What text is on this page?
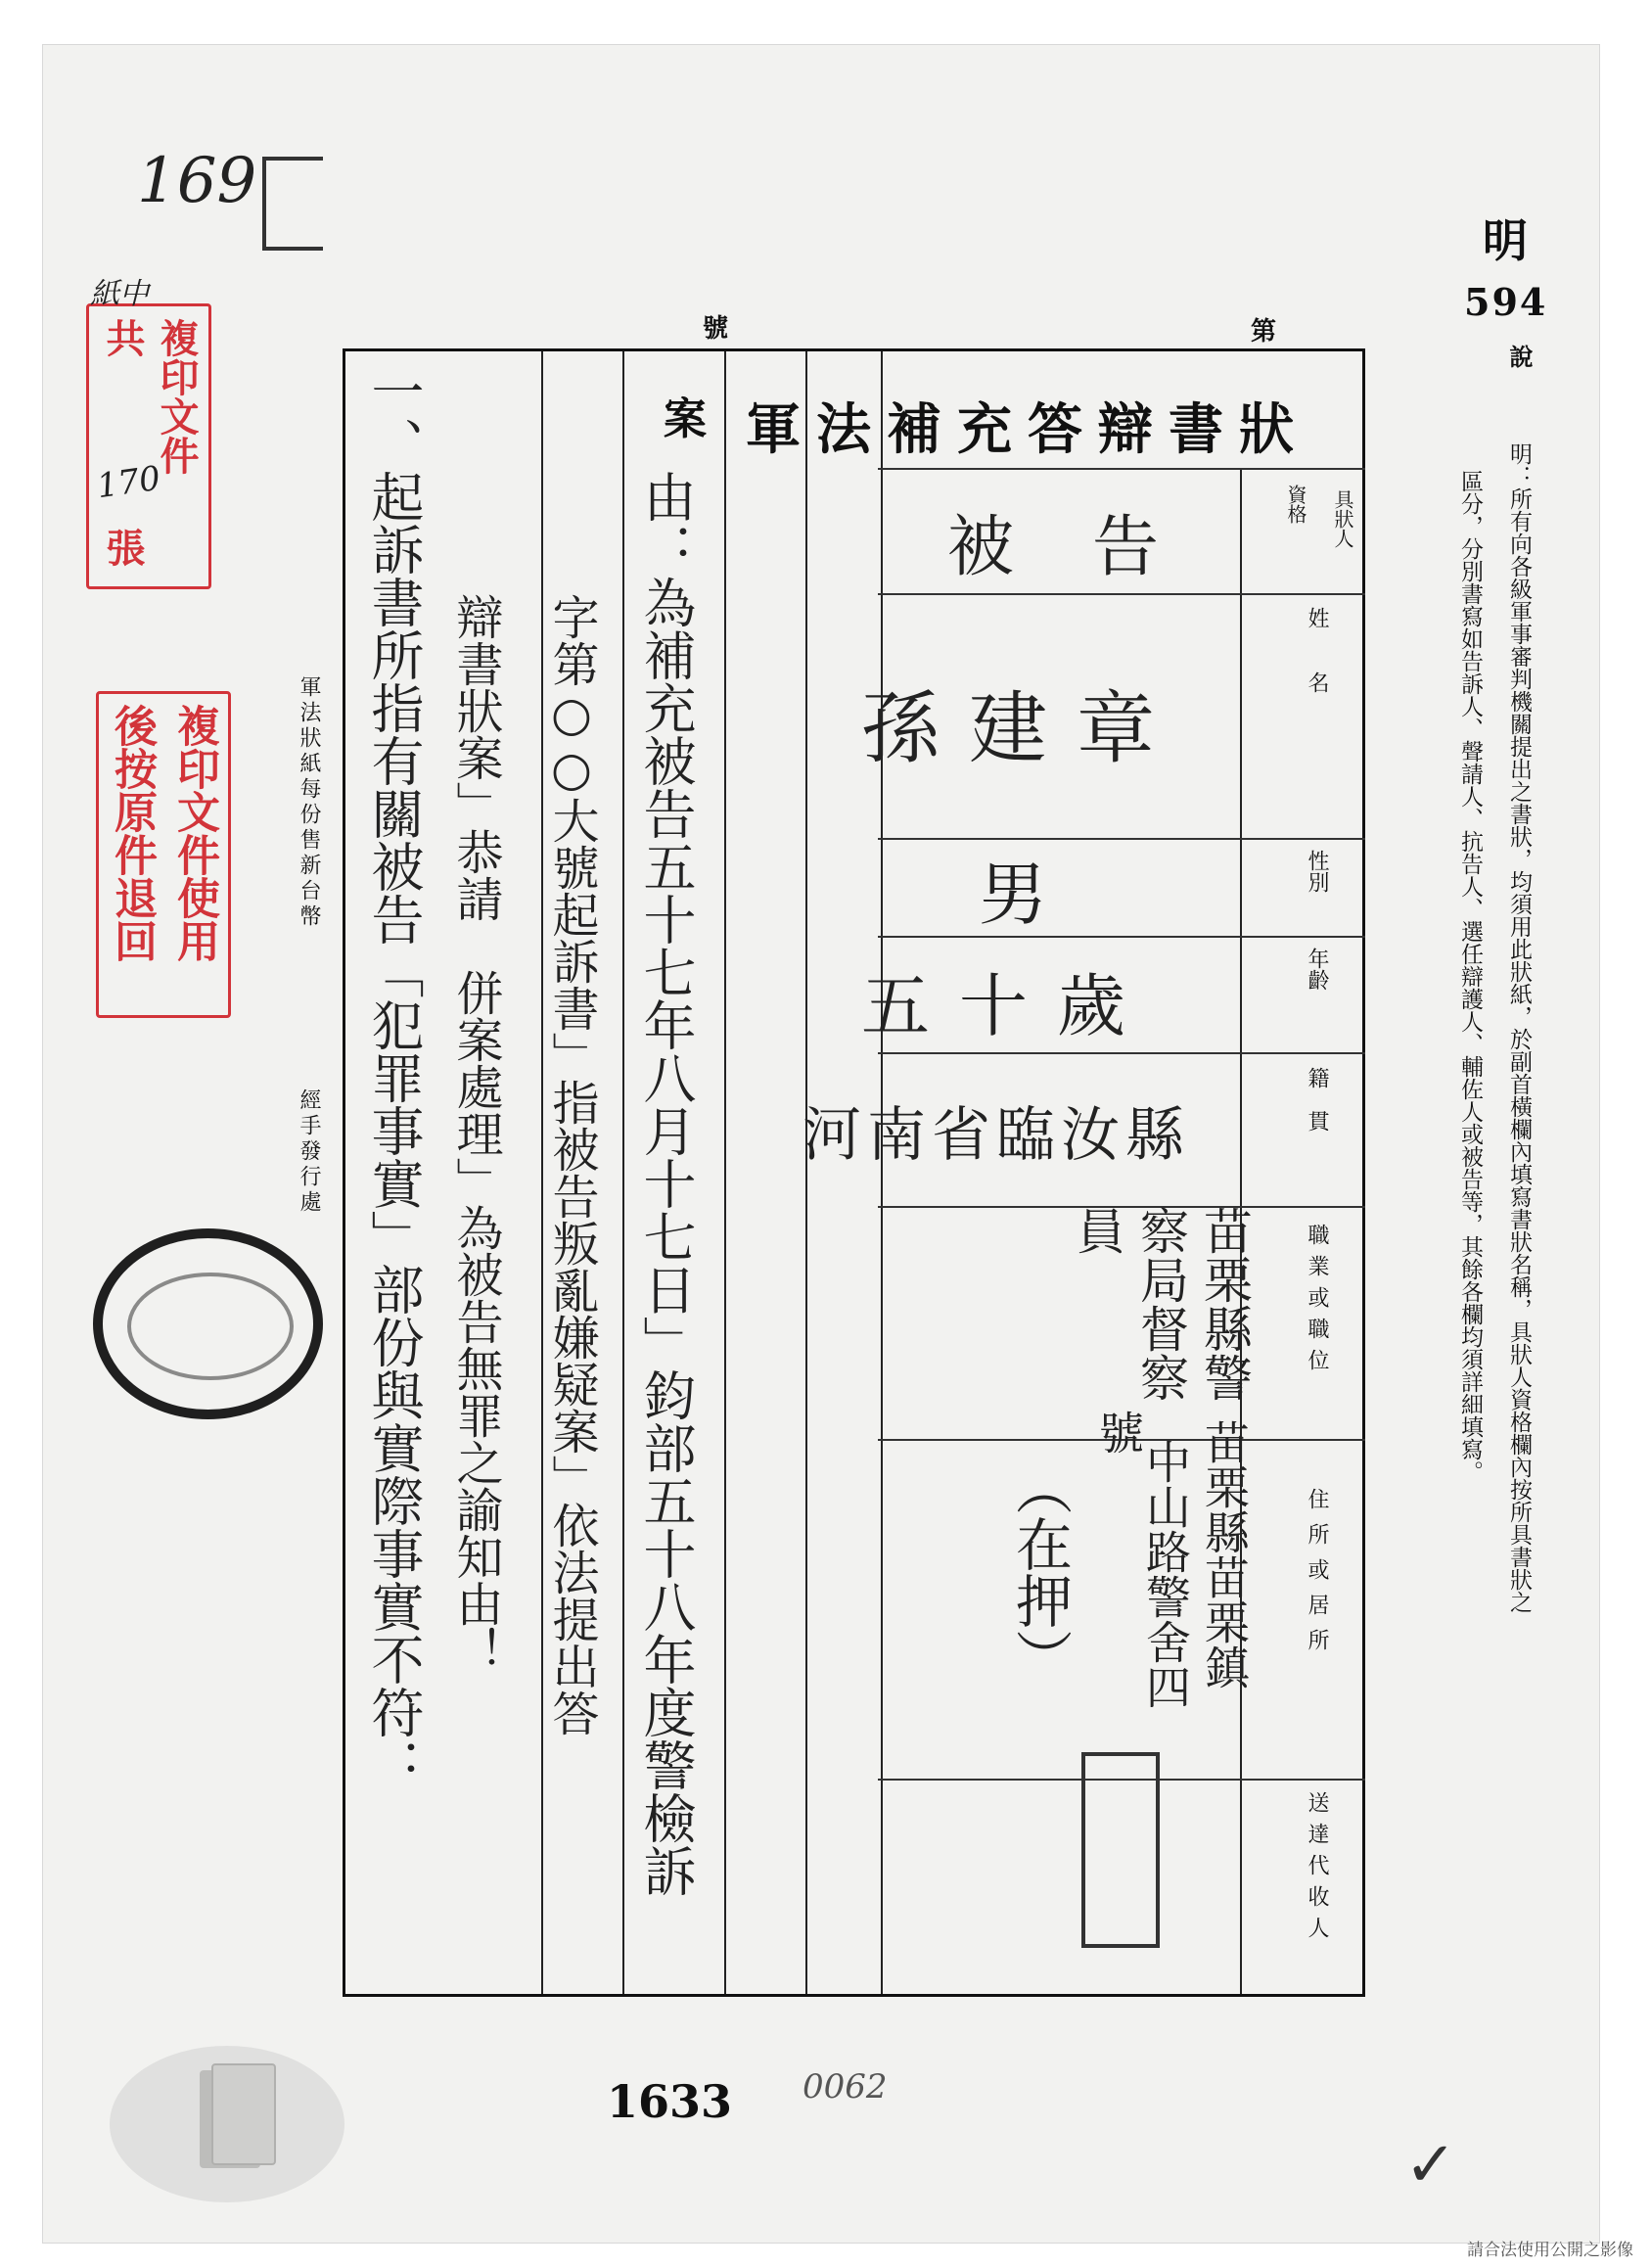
169
號	第
明
594
複印文件
共
170
張
紙中
複印文件使用
後按原件退回	軍法狀紙每份售新台幣
經手發行處
軍法補充答辯書狀
案
具狀人
資格
姓　　名
性別
年齡
籍　貫
職業或職位
住所或居所
送達代收人
被告
孫建章
男
五十歲
河南省臨汝縣
苗栗縣警
察局督察
員
苗栗縣苗栗鎮
中山路警舍四
號
（在押）
由：為補充被告五十七年八月十七日」鈞部五十八年度警檢訴
字第○○大號起訴書」指被告叛亂嫌疑案」依法提出答
辯書狀案」恭請　併案處理」為被告無罪之諭知由！
一、起訴書所指有關被告「犯罪事實」部份與實際事實不符：
說
明：所有向各級軍事審判機關提出之書狀，均須用此狀紙，於副首橫欄內填寫書狀名稱，具狀人資格欄內按所具書狀之
區分，分別書寫如告訴人、聲請人、抗告人、選任辯護人、輔佐人或被告等，其餘各欄均須詳細填寫。
1633 0062
✓
請合法使用公開之影像
